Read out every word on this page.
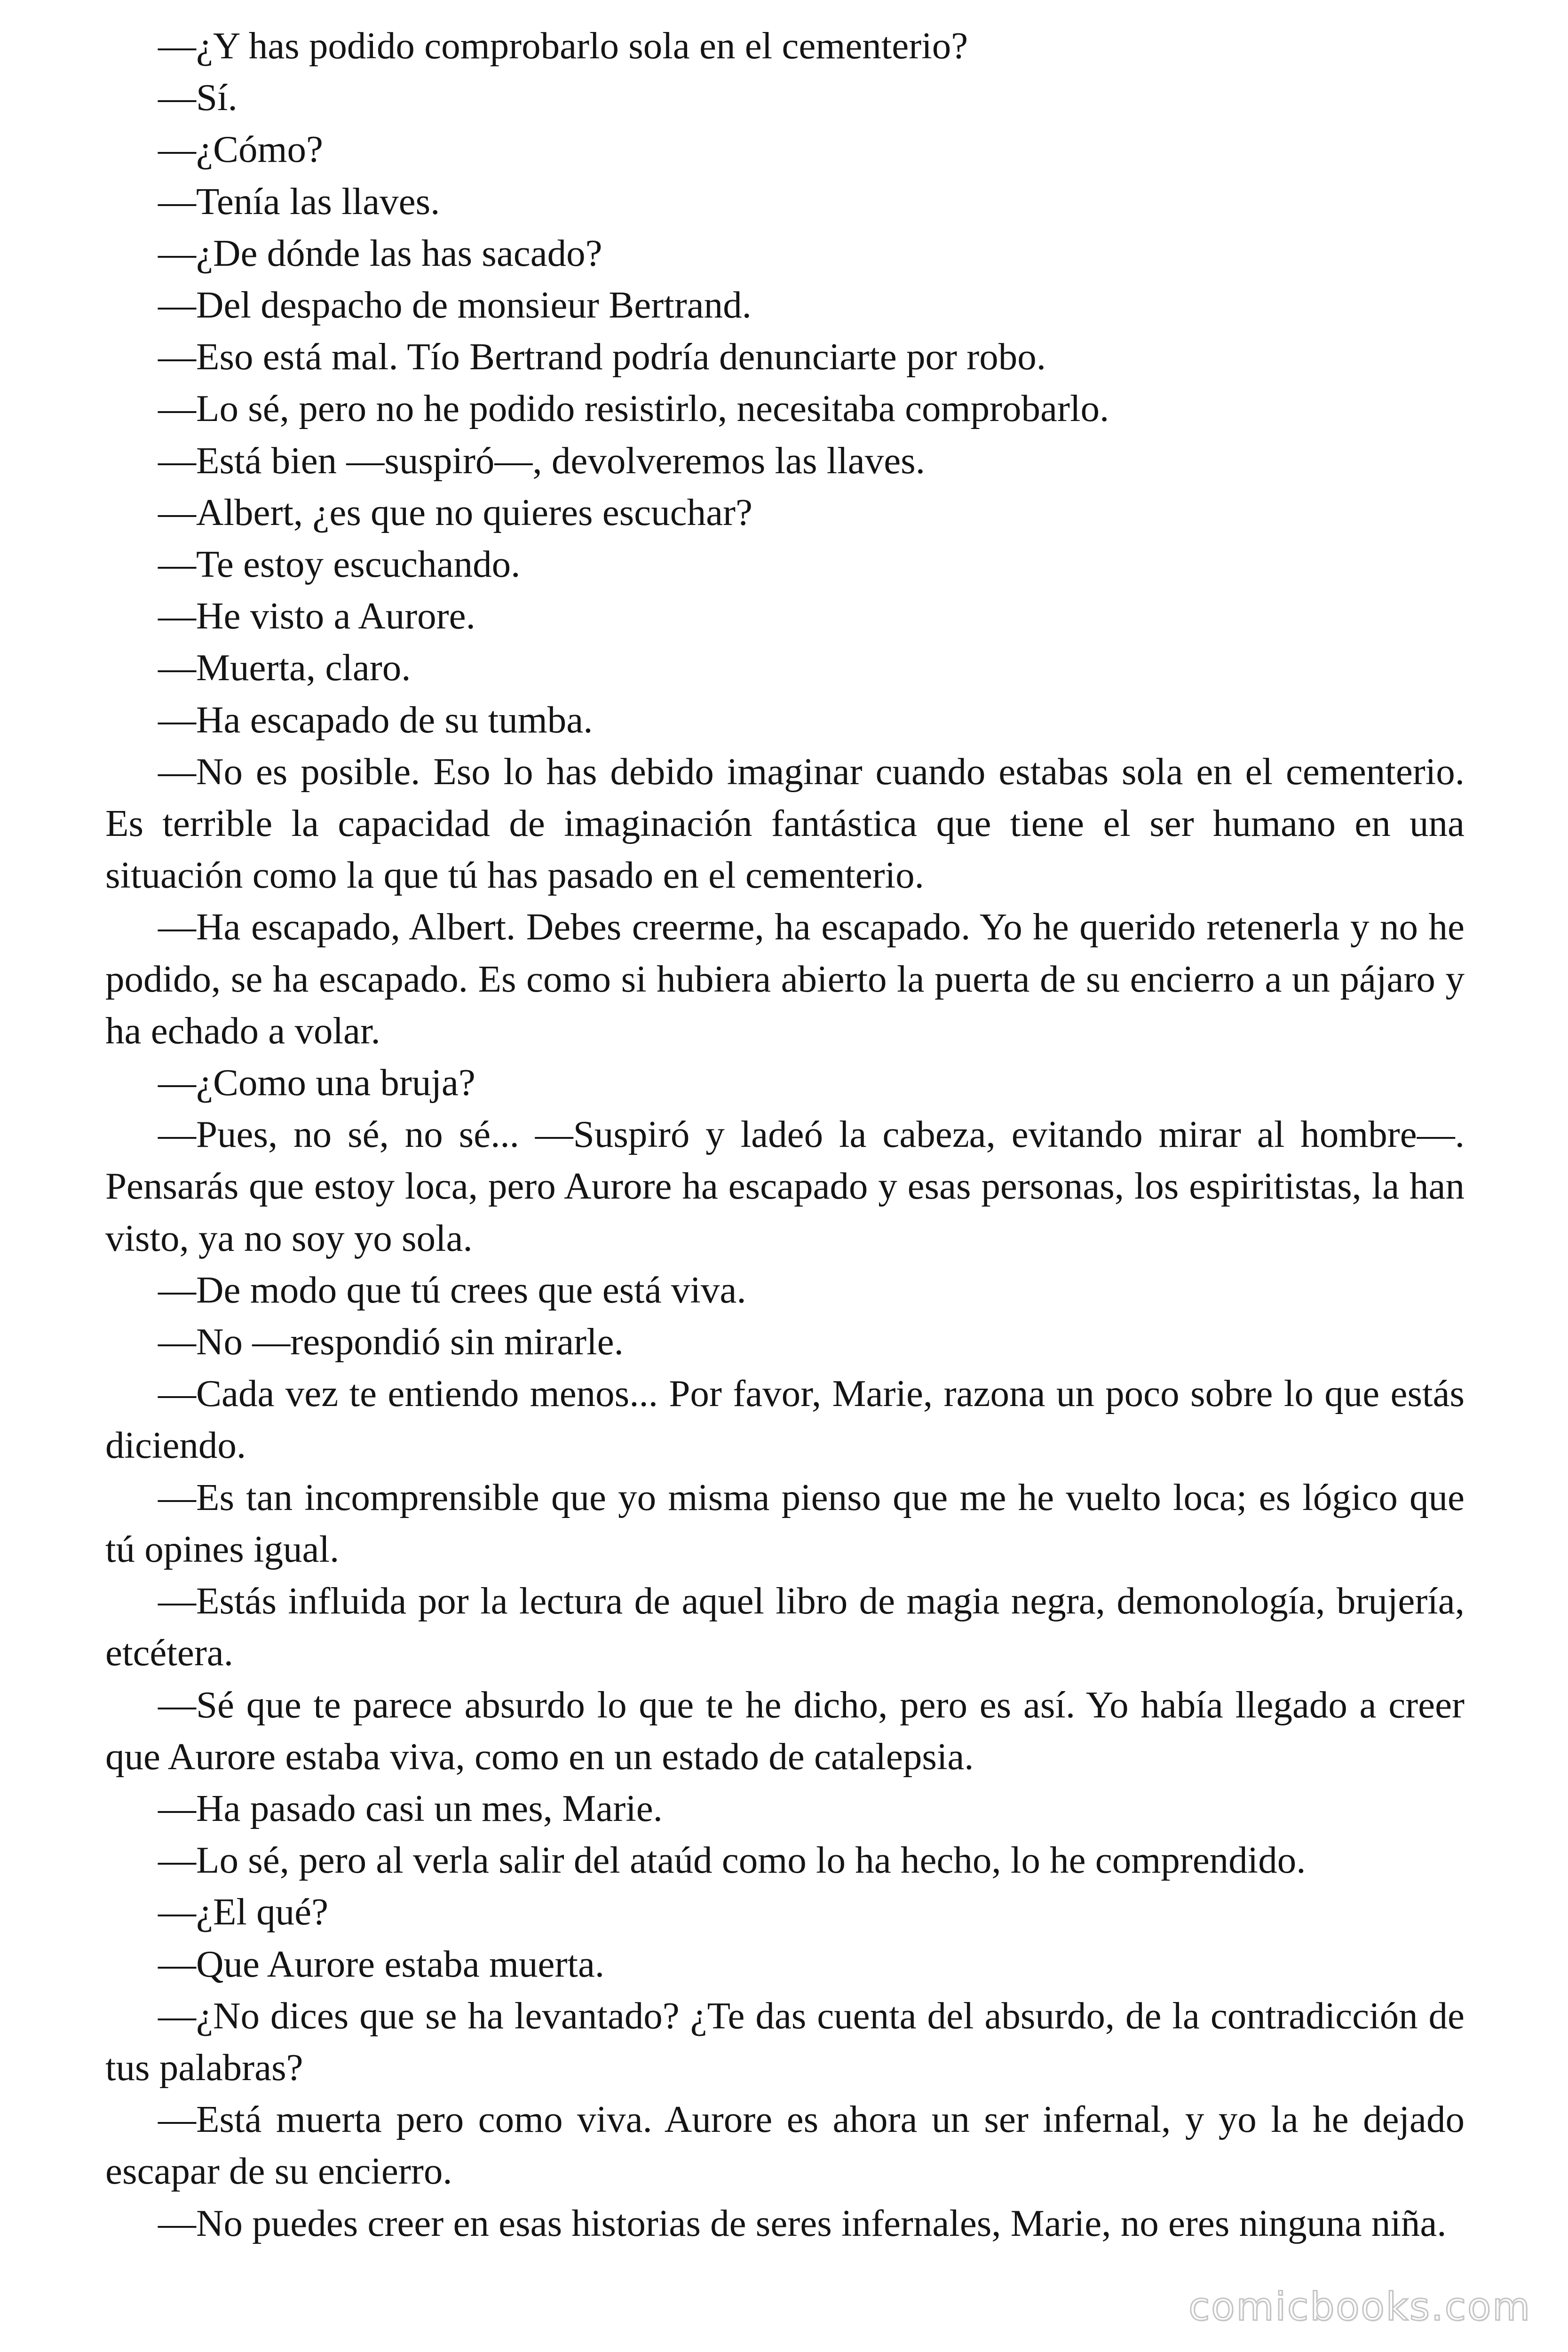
—¿Y has podido comprobarlo sola en el cementerio?

—Sí.

—¿Cómo?

—Tenía las llaves.

—¿De dónde las has sacado?

—Del despacho de monsieur Bertrand.

—Eso está mal. Tío Bertrand podría denunciarte por robo.

—Lo sé, pero no he podido resistirlo, necesitaba comprobarlo.

—Está bien —suspiró—, devolveremos las llaves.

—Albert, ¿es que no quieres escuchar?

—Te estoy escuchando.

—He visto a Aurore.

—Muerta, claro.

—Ha escapado de su tumba.

—No es posible. Eso lo has debido imaginar cuando estabas sola en el cementerio. Es terrible la capacidad de imaginación fantástica que tiene el ser humano en una situación como la que tú has pasado en el cementerio.

—Ha escapado, Albert. Debes creerme, ha escapado. Yo he querido retenerla y no he podido, se ha escapado. Es como si hubiera abierto la puerta de su encierro a un pájaro y ha echado a volar.

—¿Como una bruja?

—Pues, no sé, no sé... —Suspiró y ladeó la cabeza, evitando mirar al hombre—. Pensarás que estoy loca, pero Aurore ha escapado y esas personas, los espiritistas, la han visto, ya no soy yo sola.

—De modo que tú crees que está viva.

—No —respondió sin mirarle.

—Cada vez te entiendo menos... Por favor, Marie, razona un poco sobre lo que estás diciendo.

—Es tan incomprensible que yo misma pienso que me he vuelto loca; es lógico que tú opines igual.

—Estás influida por la lectura de aquel libro de magia negra, demonología, brujería, etcétera.

—Sé que te parece absurdo lo que te he dicho, pero es así. Yo había llegado a creer que Aurore estaba viva, como en un estado de catalepsia.

—Ha pasado casi un mes, Marie.

—Lo sé, pero al verla salir del ataúd como lo ha hecho, lo he comprendido.

—¿El qué?

—Que Aurore estaba muerta.

—¿No dices que se ha levantado? ¿Te das cuenta del absurdo, de la contradicción de tus palabras?

—Está muerta pero como viva. Aurore es ahora un ser infernal, y yo la he dejado escapar de su encierro.

—No puedes creer en esas historias de seres infernales, Marie, no eres ninguna niña.

comicbooks.com
